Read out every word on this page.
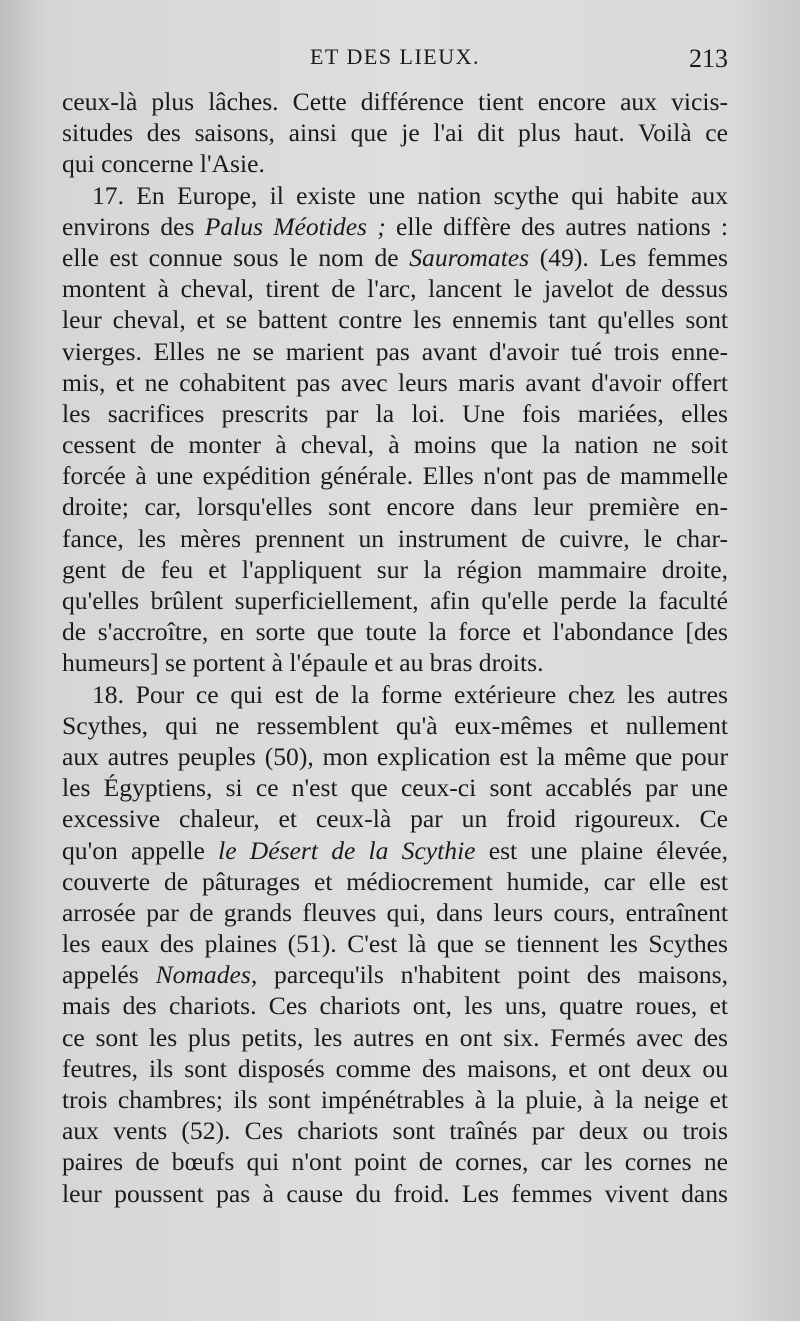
ET DES LIEUX.	213
ceux-là plus lâches. Cette différence tient encore aux vicis-
situdes des saisons, ainsi que je l'ai dit plus haut. Voilà ce
qui concerne l'Asie.
17. En Europe, il existe une nation scythe qui habite aux
environs des Palus Méotides ; elle diffère des autres nations :
elle est connue sous le nom de Sauromates (49). Les femmes
montent à cheval, tirent de l'arc, lancent le javelot de dessus
leur cheval, et se battent contre les ennemis tant qu'elles sont
vierges. Elles ne se marient pas avant d'avoir tué trois enne-
mis, et ne cohabitent pas avec leurs maris avant d'avoir offert
les sacrifices prescrits par la loi. Une fois mariées, elles
cessent de monter à cheval, à moins que la nation ne soit
forcée à une expédition générale. Elles n'ont pas de mammelle
droite; car, lorsqu'elles sont encore dans leur première en-
fance, les mères prennent un instrument de cuivre, le char-
gent de feu et l'appliquent sur la région mammaire droite,
qu'elles brûlent superficiellement, afin qu'elle perde la faculté
de s'accroître, en sorte que toute la force et l'abondance [des
humeurs] se portent à l'épaule et au bras droits.
18. Pour ce qui est de la forme extérieure chez les autres
Scythes, qui ne ressemblent qu'à eux-mêmes et nullement
aux autres peuples (50), mon explication est la même que pour
les Égyptiens, si ce n'est que ceux-ci sont accablés par une
excessive chaleur, et ceux-là par un froid rigoureux. Ce
qu'on appelle le Désert de la Scythie est une plaine élevée,
couverte de pâturages et médiocrement humide, car elle est
arrosée par de grands fleuves qui, dans leurs cours, entraînent
les eaux des plaines (51). C'est là que se tiennent les Scythes
appelés Nomades, parcequ'ils n'habitent point des maisons,
mais des chariots. Ces chariots ont, les uns, quatre roues, et
ce sont les plus petits, les autres en ont six. Fermés avec des
feutres, ils sont disposés comme des maisons, et ont deux ou
trois chambres; ils sont impénétrables à la pluie, à la neige et
aux vents (52). Ces chariots sont traînés par deux ou trois
paires de bœufs qui n'ont point de cornes, car les cornes ne
leur poussent pas à cause du froid. Les femmes vivent dans
